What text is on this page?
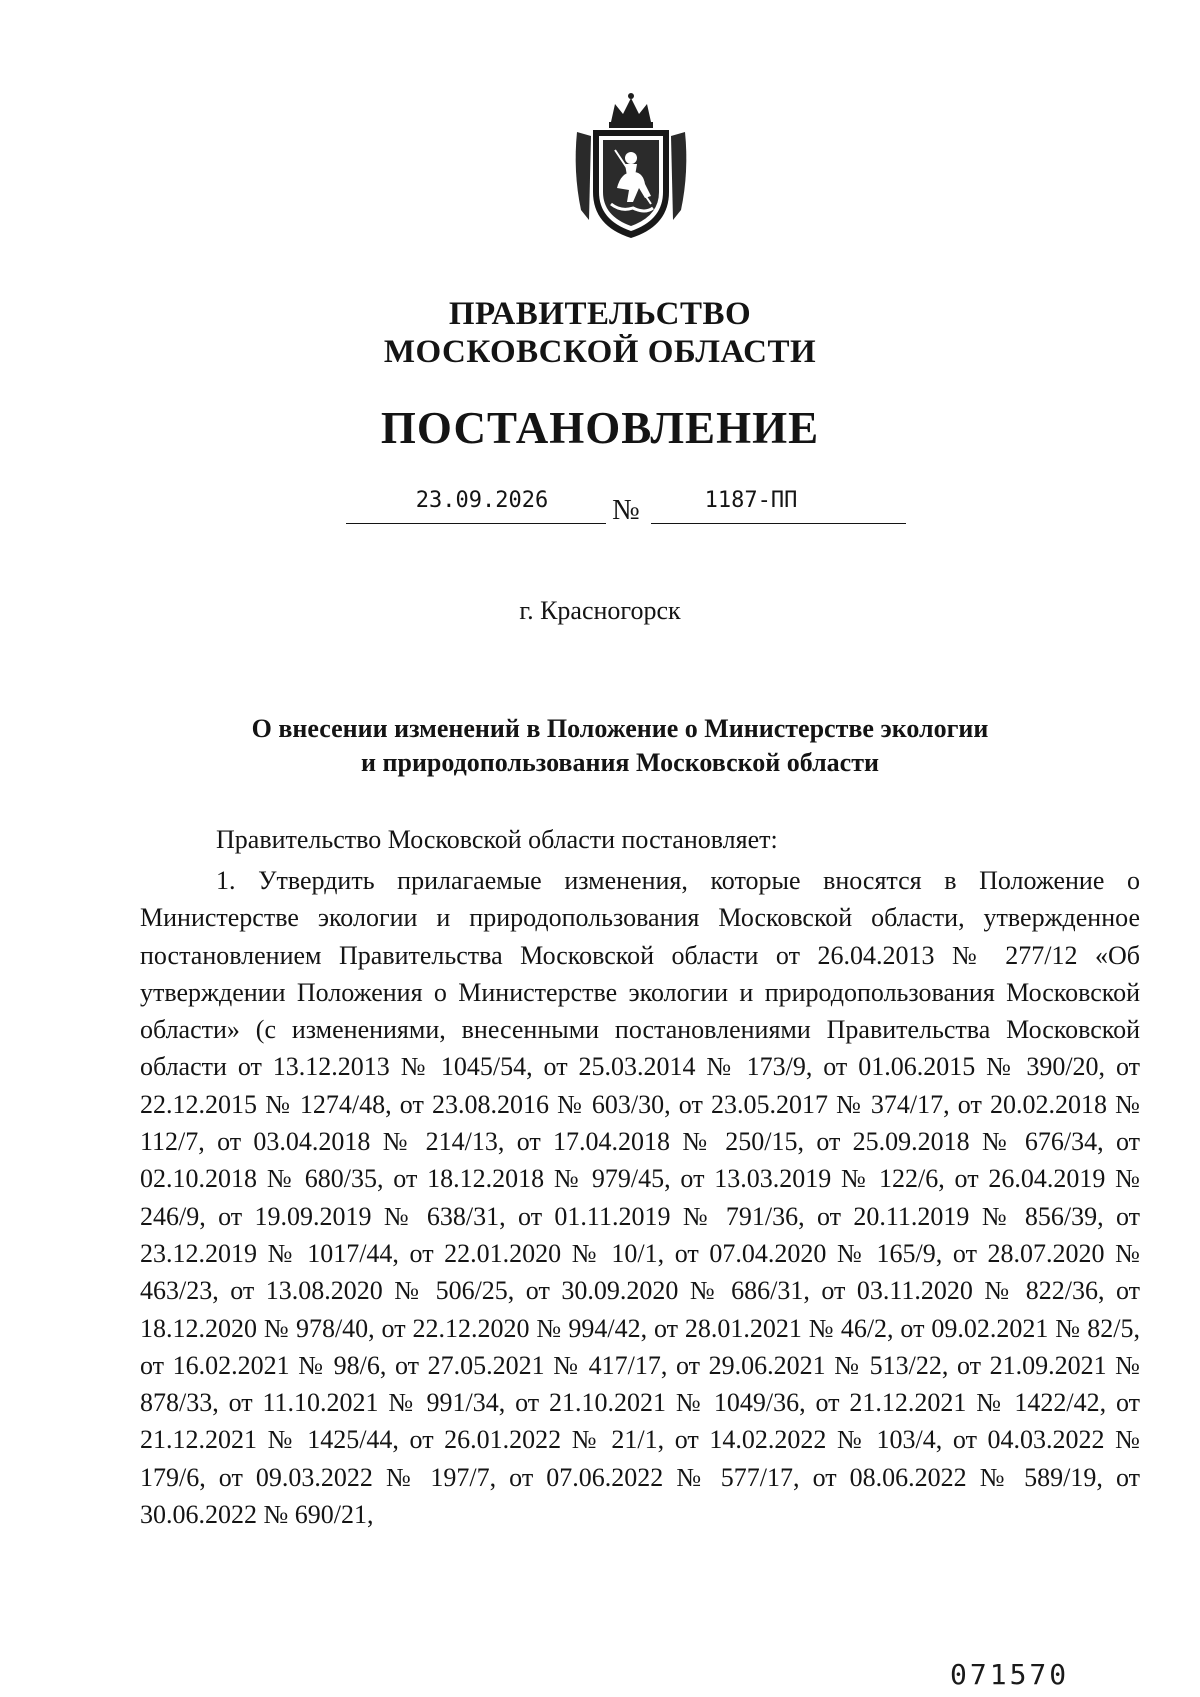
ПРАВИТЕЛЬСТВО
МОСКОВСКОЙ ОБЛАСТИ
ПОСТАНОВЛЕНИЕ
23.09.2026	№	1187-ПП
г. Красногорск
О внесении изменений в Положение о Министерстве экологии
и природопользования Московской области
Правительство Московской области постановляет:
1. Утвердить прилагаемые изменения, которые вносятся в Положение о Министерстве экологии и природопользования Московской области, утвержденное постановлением Правительства Московской области от 26.04.2013 № 277/12 «Об утверждении Положения о Министерстве экологии и природопользования Московской области» (с изменениями, внесенными постановлениями Правительства Московской области от 13.12.2013 № 1045/54, от 25.03.2014 № 173/9, от 01.06.2015 № 390/20, от 22.12.2015 № 1274/48, от 23.08.2016 № 603/30, от 23.05.2017 № 374/17, от 20.02.2018 № 112/7, от 03.04.2018 № 214/13, от 17.04.2018 № 250/15, от 25.09.2018 № 676/34, от 02.10.2018 № 680/35, от 18.12.2018 № 979/45, от 13.03.2019 № 122/6, от 26.04.2019 № 246/9, от 19.09.2019 № 638/31, от 01.11.2019 № 791/36, от 20.11.2019 № 856/39, от 23.12.2019 № 1017/44, от 22.01.2020 № 10/1, от 07.04.2020 № 165/9, от 28.07.2020 № 463/23, от 13.08.2020 № 506/25, от 30.09.2020 № 686/31, от 03.11.2020 № 822/36, от 18.12.2020 № 978/40, от 22.12.2020 № 994/42, от 28.01.2021 № 46/2, от 09.02.2021 № 82/5, от 16.02.2021 № 98/6, от 27.05.2021 № 417/17, от 29.06.2021 № 513/22, от 21.09.2021 № 878/33, от 11.10.2021 № 991/34, от 21.10.2021 № 1049/36, от 21.12.2021 № 1422/42, от 21.12.2021 № 1425/44, от 26.01.2022 № 21/1, от 14.02.2022 № 103/4, от 04.03.2022 № 179/6, от 09.03.2022 № 197/7, от 07.06.2022 № 577/17, от 08.06.2022 № 589/19, от 30.06.2022 № 690/21,
071570
